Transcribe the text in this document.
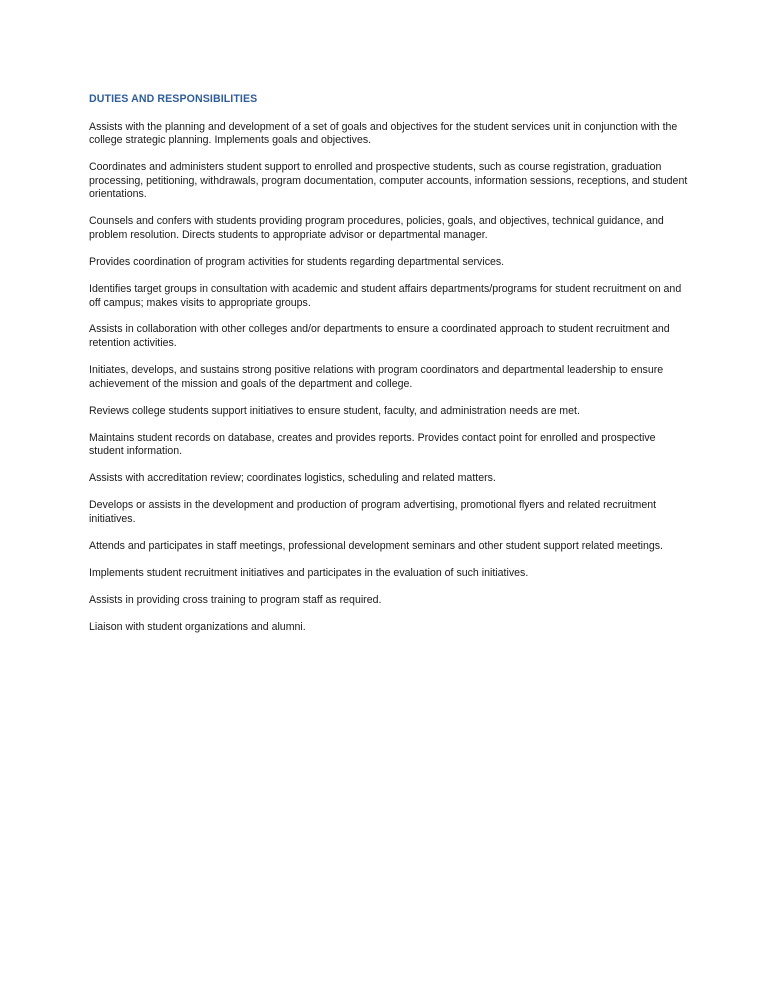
DUTIES AND RESPONSIBILITIES

Assists with the planning and development of a set of goals and objectives for the student services unit in conjunction with the college strategic planning. Implements goals and objectives.

Coordinates and administers student support to enrolled and prospective students, such as course registration, graduation processing, petitioning, withdrawals, program documentation, computer accounts, information sessions, receptions, and student orientations.

Counsels and confers with students providing program procedures, policies, goals, and objectives, technical guidance, and problem resolution. Directs students to appropriate advisor or departmental manager.

Provides coordination of program activities for students regarding departmental services.

Identifies target groups in consultation with academic and student affairs departments/programs for student recruitment on and off campus; makes visits to appropriate groups.

Assists in collaboration with other colleges and/or departments to ensure a coordinated approach to student recruitment and retention activities.

Initiates, develops, and sustains strong positive relations with program coordinators and departmental leadership to ensure achievement of the mission and goals of the department and college.

Reviews college students support initiatives to ensure student, faculty, and administration needs are met.

Maintains student records on database, creates and provides reports. Provides contact point for enrolled and prospective student information.

Assists with accreditation review; coordinates logistics, scheduling and related matters.

Develops or assists in the development and production of program advertising, promotional flyers and related recruitment initiatives.

Attends and participates in staff meetings, professional development seminars and other student support related meetings.

Implements student recruitment initiatives and participates in the evaluation of such initiatives.

Assists in providing cross training to program staff as required.

Liaison with student organizations and alumni.
